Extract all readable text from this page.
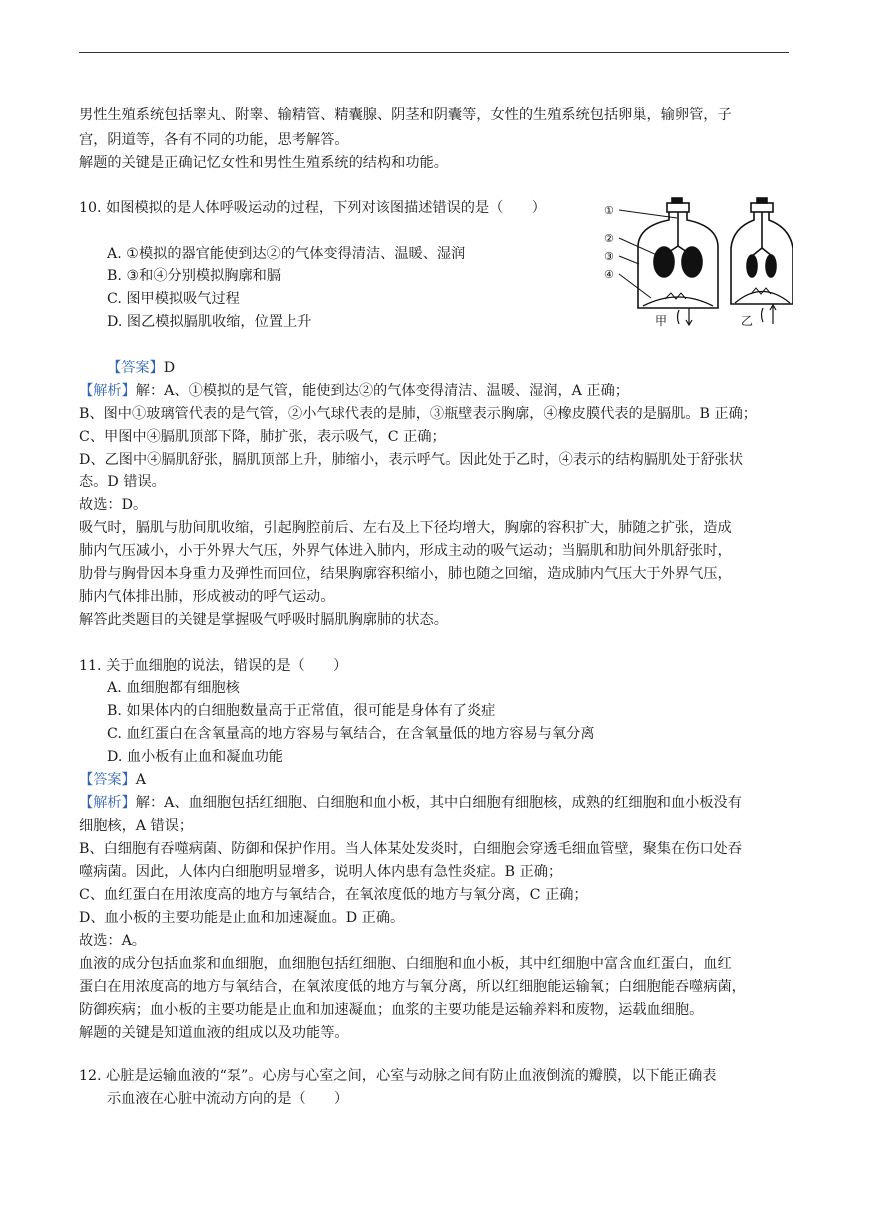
男性生殖系统包括睾丸、附睾、输精管、精囊腺、阴茎和阴囊等，女性的生殖系统包括卵巢，输卵管，子
宫，阴道等，各有不同的功能，思考解答。
解题的关键是正确记忆女性和男性生殖系统的结构和功能。
10. 如图模拟的是人体呼吸运动的过程，下列对该图描述错误的是（　　）
A. ①模拟的器官能使到达②的气体变得清洁、温暖、湿润
B. ③和④分别模拟胸廓和膈
C. 图甲模拟吸气过程
D. 图乙模拟膈肌收缩，位置上升
①
②
③
④
甲	乙
【答案】D
【解析】解：A、①模拟的是气管，能使到达②的气体变得清洁、温暖、湿润，A 正确；
B、图中①玻璃管代表的是气管，②小气球代表的是肺，③瓶壁表示胸廓，④橡皮膜代表的是膈肌。B 正确；
C、甲图中④膈肌顶部下降，肺扩张，表示吸气，C 正确；
D、乙图中④膈肌舒张，膈肌顶部上升，肺缩小，表示呼气。因此处于乙时，④表示的结构膈肌处于舒张状
态。D 错误。
故选：D。
吸气时，膈肌与肋间肌收缩，引起胸腔前后、左右及上下径均增大，胸廓的容积扩大，肺随之扩张，造成
肺内气压减小，小于外界大气压，外界气体进入肺内，形成主动的吸气运动；当膈肌和肋间外肌舒张时，
肋骨与胸骨因本身重力及弹性而回位，结果胸廓容积缩小，肺也随之回缩，造成肺内气压大于外界气压，
肺内气体排出肺，形成被动的呼气运动。
解答此类题目的关键是掌握吸气呼吸时膈肌胸廓肺的状态。
11. 关于血细胞的说法，错误的是（　　）
A. 血细胞都有细胞核
B. 如果体内的白细胞数量高于正常值，很可能是身体有了炎症
C. 血红蛋白在含氧量高的地方容易与氧结合，在含氧量低的地方容易与氧分离
D. 血小板有止血和凝血功能
【答案】A
【解析】解：A、血细胞包括红细胞、白细胞和血小板，其中白细胞有细胞核，成熟的红细胞和血小板没有
细胞核，A 错误；
B、白细胞有吞噬病菌、防御和保护作用。当人体某处发炎时，白细胞会穿透毛细血管壁，聚集在伤口处吞
噬病菌。因此，人体内白细胞明显增多，说明人体内患有急性炎症。B 正确；
C、血红蛋白在用浓度高的地方与氧结合，在氧浓度低的地方与氧分离，C 正确；
D、血小板的主要功能是止血和加速凝血。D 正确。
故选：A。
血液的成分包括血浆和血细胞，血细胞包括红细胞、白细胞和血小板，其中红细胞中富含血红蛋白，血红
蛋白在用浓度高的地方与氧结合，在氧浓度低的地方与氧分离，所以红细胞能运输氧；白细胞能吞噬病菌，
防御疾病；血小板的主要功能是止血和加速凝血；血浆的主要功能是运输养料和废物，运载血细胞。
解题的关键是知道血液的组成以及功能等。
12. 心脏是运输血液的“泵”。心房与心室之间，心室与动脉之间有防止血液倒流的瓣膜，以下能正确表
示血液在心脏中流动方向的是（　　）
